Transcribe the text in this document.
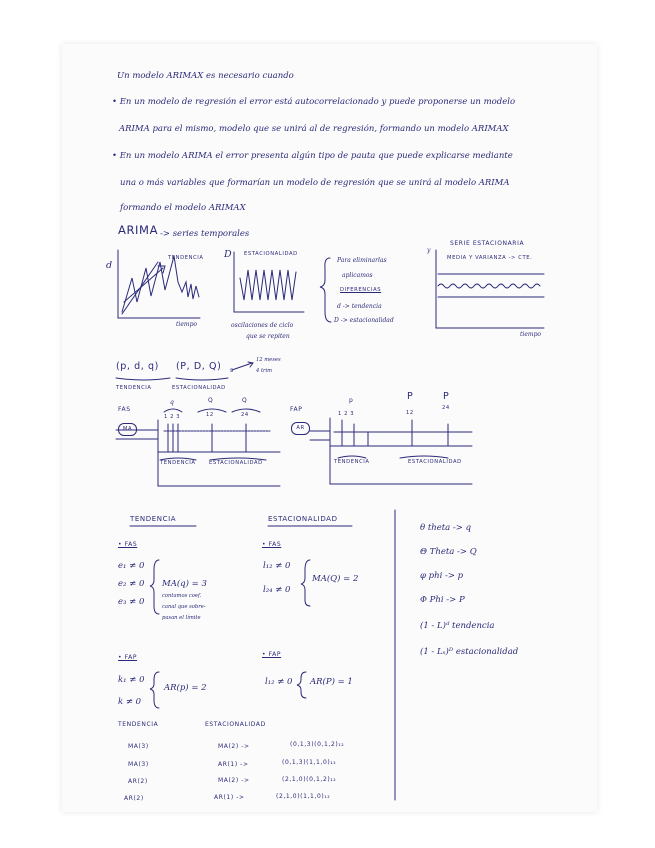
Un modelo ARIMAX es necesario cuando
• En un modelo de regresión el error está autocorrelacionado y puede proponerse un modelo
ARIMA para el mismo, modelo que se unirá al de regresión, formando un modelo ARIMAX
• En un modelo ARIMA el error presenta algún tipo de pauta que puede explicarse mediante
una o más variables que formarían un modelo de regresión que se unirá al modelo ARIMA
formando el modelo ARIMAX
ARIMA -> series temporales
d
D	y
TENDENCIA
ESTACIONALIDAD
tiempo	oscilaciones de ciclo
que se repiten
Para eliminarlas
aplicamos
DIFERENCIAS
d -> tendencia
D -> estacionalidad
SERIE ESTACIONARIA
MEDIA Y VARIANZA -> CTE.
tiempo
(p, d, q) (P, D, Q) s
12 meses
4 trim
TENDENCIA	ESTACIONALIDAD
FAS
MA
q	Q	Q
1 2 3	12	24
TENDENCIA	ESTACIONALIDAD
FAP
AR
p	P	P
1 2 3	12
24
TENDENCIA	ESTACIONALIDAD
TENDENCIA	ESTACIONALIDAD
• FAS	• FAS
e₁ ≠ 0
e₂ ≠ 0
e₃ ≠ 0
MA(q) = 3
contamos coef.
canal que sobre-
pasan el límite
l₁₂ ≠ 0
l₂₄ ≠ 0
MA(Q) = 2
• FAP	• FAP
k₁ ≠ 0
k ≠ 0
AR(p) = 2
l₁₂ ≠ 0 AR(P) = 1
θ theta -> q
Θ Theta -> Q
φ phi -> p
Φ Phi -> P
(1 - L)ᵈ tendencia
(1 - Lₛ)ᴰ estacionalidad
TENDENCIA	ESTACIONALIDAD
MA(3)	MA(2) ->	(0,1,3)(0,1,2)₁₂
MA(3)	AR(1) ->	(0,1,3)(1,1,0)₁₂
AR(2)	MA(2) ->	(2,1,0)(0,1,2)₁₂
AR(2)	AR(1) ->	(2,1,0)(1,1,0)₁₂
